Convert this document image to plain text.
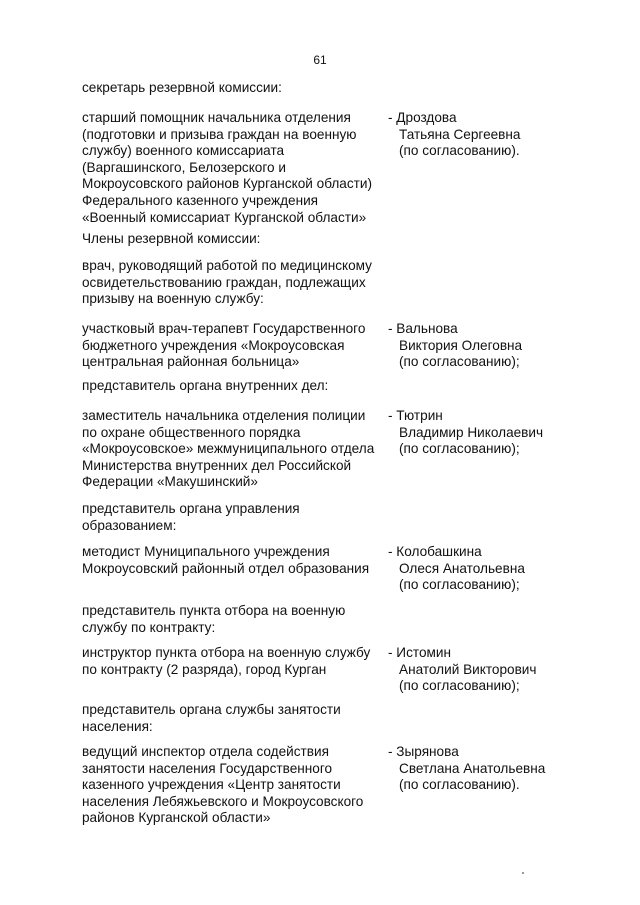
61
секретарь резервной комиссии:
старший помощник начальника отделения
(подготовки и призыва граждан на военную
службу) военного комиссариата
(Варгашинского, Белозерского и
Мокроусовского районов Курганской области)
Федерального казенного учреждения
«Военный комиссариат Курганской области»
- Дроздова
Татьяна Сергеевна
(по согласованию).
Члены резервной комиссии:
врач, руководящий работой по медицинскому
освидетельствованию граждан, подлежащих
призыву на военную службу:
участковый врач-терапевт Государственного
бюджетного учреждения «Мокроусовская
центральная районная больница»
- Вальнова
Виктория Олеговна
(по согласованию);
представитель органа внутренних дел:
заместитель начальника отделения полиции
по охране общественного порядка
«Мокроусовское» межмуниципального отдела
Министерства внутренних дел Российской
Федерации «Макушинский»
- Тютрин
Владимир Николаевич
(по согласованию);
представитель органа управления
образованием:
методист Муниципального учреждения
Мокроусовский районный отдел образования
- Колобашкина
Олеся Анатольевна
(по согласованию);
представитель пункта отбора на военную
службу по контракту:
инструктор пункта отбора на военную службу
по контракту (2 разряда), город Курган
- Истомин
Анатолий Викторович
(по согласованию);
представитель органа службы занятости
населения:
ведущий инспектор отдела содействия
занятости населения Государственного
казенного учреждения «Центр занятости
населения Лебяжьевского и Мокроусовского
районов Курганской области»
- Зырянова
Светлана Анатольевна
(по согласованию).
